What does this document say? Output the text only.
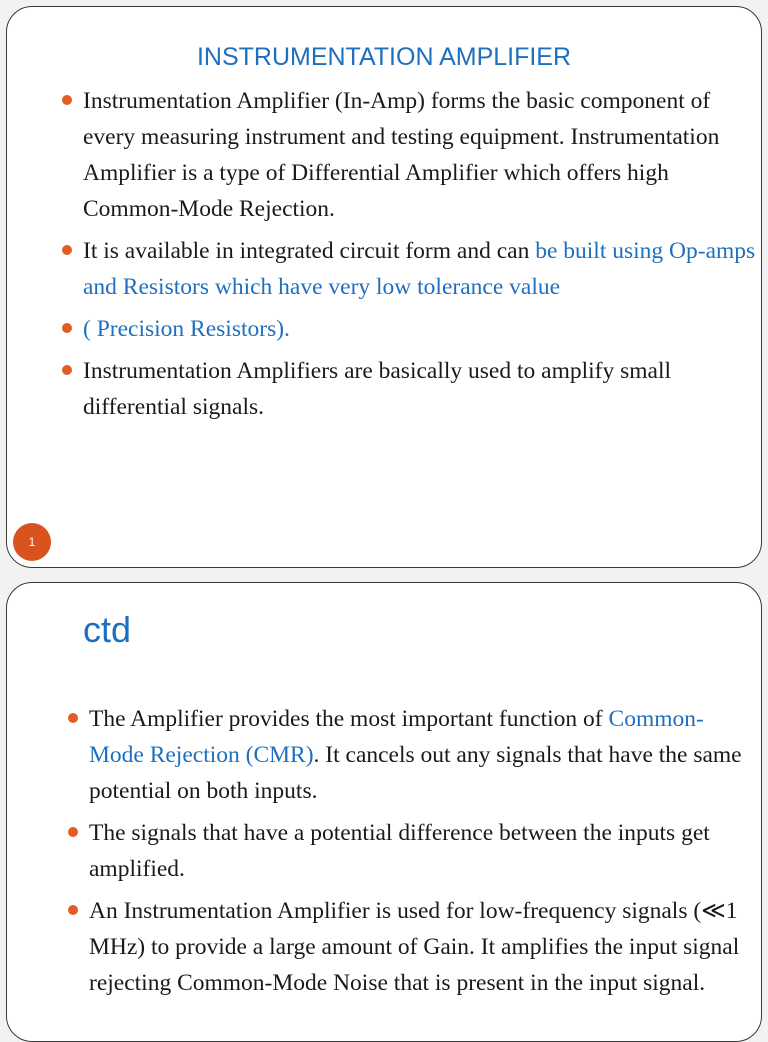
INSTRUMENTATION AMPLIFIER
Instrumentation Amplifier (In-Amp) forms the basic component of every measuring instrument and testing equipment. Instrumentation Amplifier is a type of Differential Amplifier which offers high Common-Mode Rejection.
It is available in integrated circuit form and can be built using Op-amps and Resistors which have very low tolerance value
( Precision Resistors).
Instrumentation Amplifiers are basically used to amplify small differential signals.
1
ctd
The Amplifier provides the most important function of Common-Mode Rejection (CMR). It cancels out any signals that have the same potential on both inputs.
The signals that have a potential difference between the inputs get amplified.
An Instrumentation Amplifier is used for low-frequency signals (≪1 MHz) to provide a large amount of Gain. It amplifies the input signal rejecting Common-Mode Noise that is present in the input signal.
